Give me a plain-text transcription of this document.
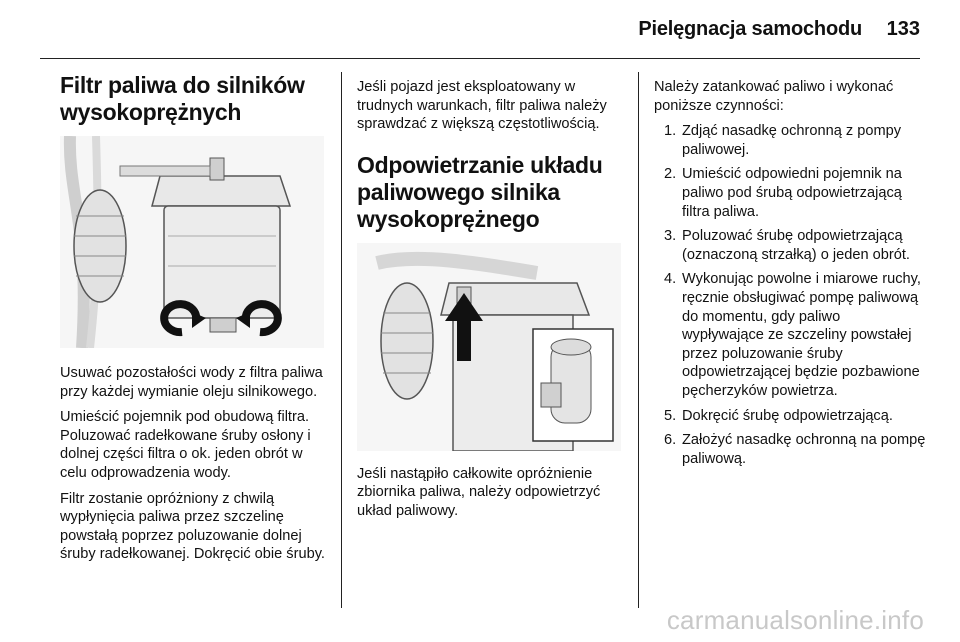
Pielęgnacja samochodu 133
Filtr paliwa do silników wysokoprężnych

Usuwać pozostałości wody z filtra paliwa przy każdej wymianie oleju silnikowego.

Umieścić pojemnik pod obudową filtra. Poluzować radełkowane śruby osłony i dolnej części filtra o ok. jeden obrót w celu odprowadzenia wody.

Filtr zostanie opróżniony z chwilą wypłynięcia paliwa przez szczelinę powstałą poprzez poluzowanie dolnej śruby radełkowanej. Dokręcić obie śruby.

Jeśli pojazd jest eksploatowany w trudnych warunkach, filtr paliwa należy sprawdzać z większą częstotliwością.

Odpowietrzanie układu paliwowego silnika wysokoprężnego

Jeśli nastąpiło całkowite opróżnienie zbiornika paliwa, należy odpowietrzyć układ paliwowy.

Należy zatankować paliwo i wykonać poniższe czynności:

1. Zdjąć nasadkę ochronną z pompy paliwowej.
2. Umieścić odpowiedni pojemnik na paliwo pod śrubą odpowietrzającą filtra paliwa.
3. Poluzować śrubę odpowietrzającą (oznaczoną strzałką) o jeden obrót.
4. Wykonując powolne i miarowe ruchy, ręcznie obsługiwać pompę paliwową do momentu, gdy paliwo wypływające ze szczeliny powstałej przez poluzowanie śruby odpowietrzającej będzie pozbawione pęcherzyków powietrza.
5. Dokręcić śrubę odpowietrzającą.
6. Założyć nasadkę ochronną na pompę paliwową.
carmanualsonline.info
